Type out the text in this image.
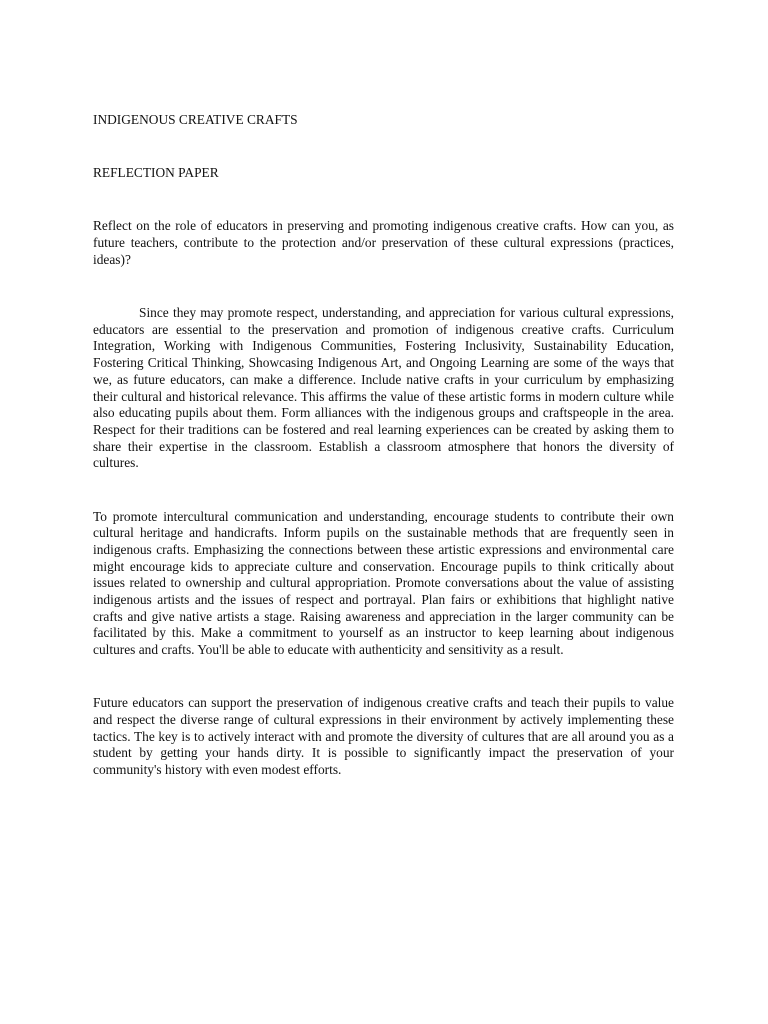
INDIGENOUS CREATIVE CRAFTS
REFLECTION PAPER

Reflect on the role of educators in preserving and promoting indigenous creative crafts. How can you, as future teachers, contribute to the protection and/or preservation of these cultural expressions (practices, ideas)?

Since they may promote respect, understanding, and appreciation for various cultural expressions, educators are essential to the preservation and promotion of indigenous creative crafts. Curriculum Integration, Working with Indigenous Communities, Fostering Inclusivity, Sustainability Education, Fostering Critical Thinking, Showcasing Indigenous Art, and Ongoing Learning are some of the ways that we, as future educators, can make a difference. Include native crafts in your curriculum by emphasizing their cultural and historical relevance. This affirms the value of these artistic forms in modern culture while also educating pupils about them. Form alliances with the indigenous groups and craftspeople in the area. Respect for their traditions can be fostered and real learning experiences can be created by asking them to share their expertise in the classroom. Establish a classroom atmosphere that honors the diversity of cultures.

To promote intercultural communication and understanding, encourage students to contribute their own cultural heritage and handicrafts. Inform pupils on the sustainable methods that are frequently seen in indigenous crafts. Emphasizing the connections between these artistic expressions and environmental care might encourage kids to appreciate culture and conservation. Encourage pupils to think critically about issues related to ownership and cultural appropriation. Promote conversations about the value of assisting indigenous artists and the issues of respect and portrayal. Plan fairs or exhibitions that highlight native crafts and give native artists a stage. Raising awareness and appreciation in the larger community can be facilitated by this. Make a commitment to yourself as an instructor to keep learning about indigenous cultures and crafts. You'll be able to educate with authenticity and sensitivity as a result.

Future educators can support the preservation of indigenous creative crafts and teach their pupils to value and respect the diverse range of cultural expressions in their environment by actively implementing these tactics. The key is to actively interact with and promote the diversity of cultures that are all around you as a student by getting your hands dirty. It is possible to significantly impact the preservation of your community's history with even modest efforts.
